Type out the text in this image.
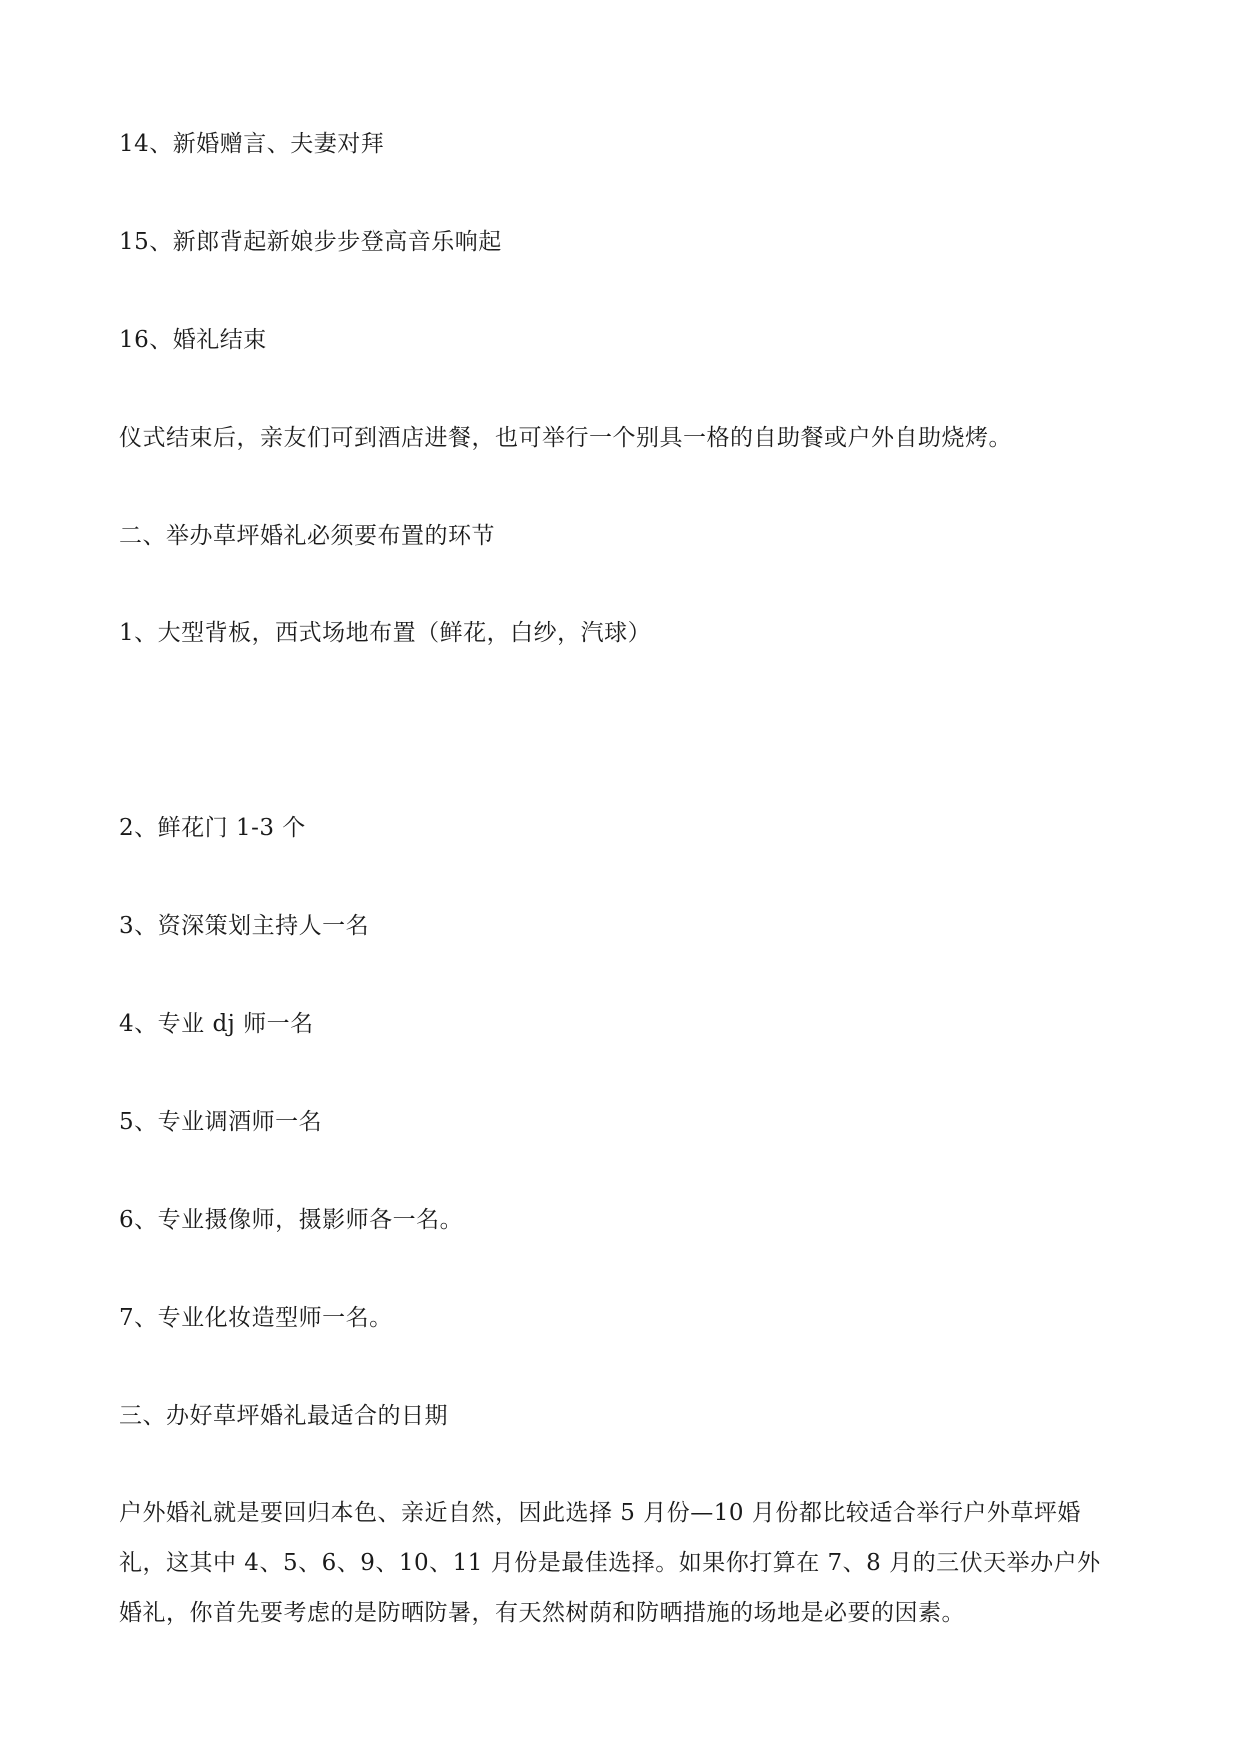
14、新婚赠言、夫妻对拜
15、新郎背起新娘步步登高音乐响起
16、婚礼结束
仪式结束后，亲友们可到酒店进餐，也可举行一个别具一格的自助餐或户外自助烧烤。
二、举办草坪婚礼必须要布置的环节
1、大型背板，西式场地布置（鲜花，白纱，汽球）
2、鲜花门 1-3 个
3、资深策划主持人一名
4、专业 dj 师一名
5、专业调酒师一名
6、专业摄像师，摄影师各一名。
7、专业化妆造型师一名。
三、办好草坪婚礼最适合的日期
户外婚礼就是要回归本色、亲近自然，因此选择 5 月份—10 月份都比较适合举行户外草坪婚
礼，这其中 4、5、6、9、10、11 月份是最佳选择。如果你打算在 7、8 月的三伏天举办户外
婚礼，你首先要考虑的是防晒防暑，有天然树荫和防晒措施的场地是必要的因素。
